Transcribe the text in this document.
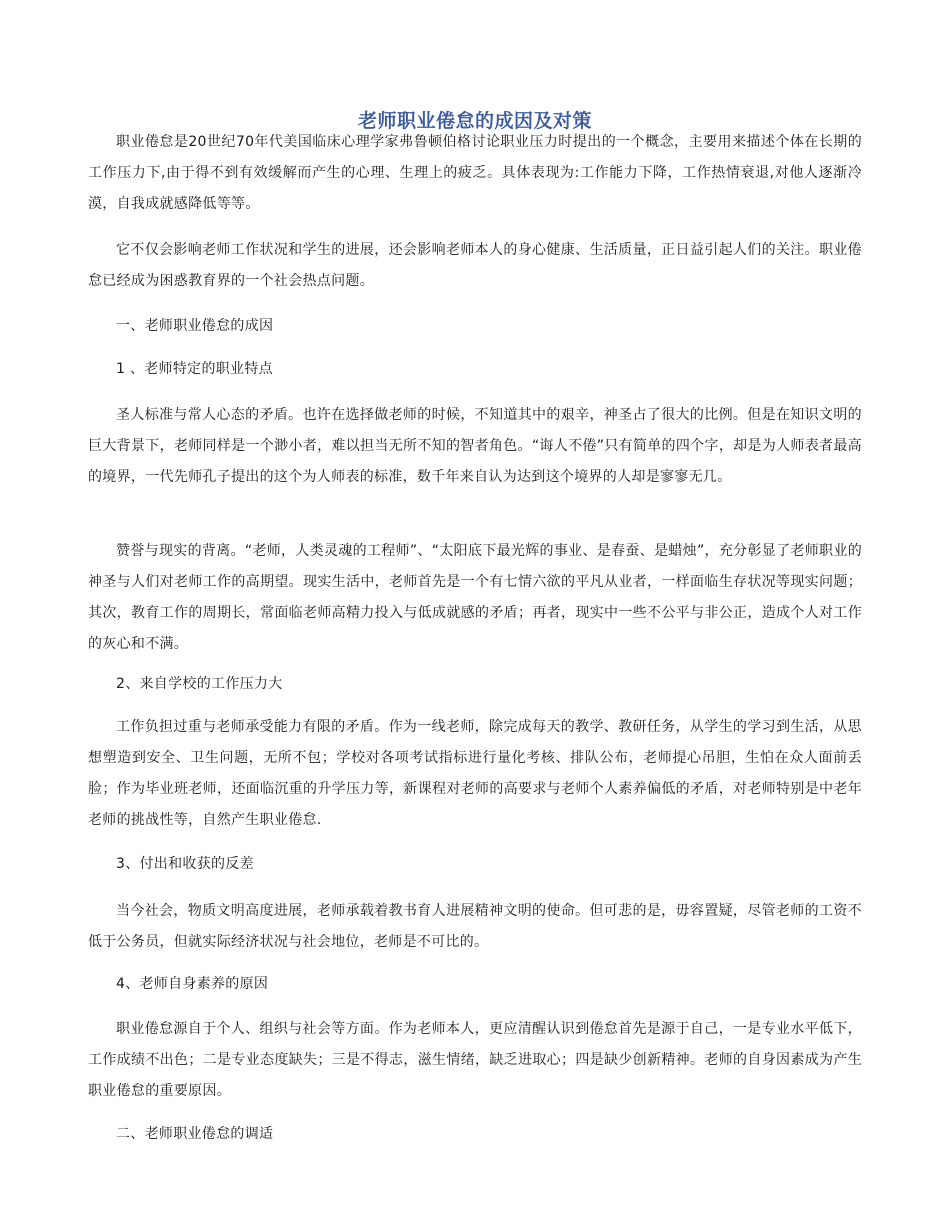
老师职业倦怠的成因及对策

职业倦怠是20世纪70年代美国临床心理学家弗鲁顿伯格讨论职业压力时提出的一个概念，主要用来描述个体在长期的工作压力下,由于得不到有效缓解而产生的心理、生理上的疲乏。具体表现为:工作能力下降，工作热情衰退,对他人逐渐冷漠，自我成就感降低等等。

它不仅会影响老师工作状况和学生的进展，还会影响老师本人的身心健康、生活质量，正日益引起人们的关注。职业倦怠已经成为困惑教育界的一个社会热点问题。

一、老师职业倦怠的成因

1 、老师特定的职业特点

圣人标准与常人心态的矛盾。也许在选择做老师的时候，不知道其中的艰辛，神圣占了很大的比例。但是在知识文明的巨大背景下，老师同样是一个渺小者，难以担当无所不知的智者角色。“诲人不倦”只有简单的四个字，却是为人师表者最高的境界，一代先师孔子提出的这个为人师表的标准，数千年来自认为达到这个境界的人却是寥寥无几。

赞誉与现实的背离。“老师，人类灵魂的工程师”、“太阳底下最光辉的事业、是春蚕、是蜡烛”，充分彰显了老师职业的神圣与人们对老师工作的高期望。现实生活中，老师首先是一个有七情六欲的平凡从业者，一样面临生存状况等现实问题；其次，教育工作的周期长，常面临老师高精力投入与低成就感的矛盾；再者，现实中一些不公平与非公正，造成个人对工作的灰心和不满。

2、来自学校的工作压力大

工作负担过重与老师承受能力有限的矛盾。作为一线老师，除完成每天的教学、教研任务，从学生的学习到生活，从思想塑造到安全、卫生问题，无所不包；学校对各项考试指标进行量化考核、排队公布，老师提心吊胆，生怕在众人面前丢脸；作为毕业班老师，还面临沉重的升学压力等，新课程对老师的高要求与老师个人素养偏低的矛盾，对老师特别是中老年老师的挑战性等，自然产生职业倦怠.

3、付出和收获的反差

当今社会，物质文明高度进展，老师承载着教书育人进展精神文明的使命。但可悲的是，毋容置疑，尽管老师的工资不低于公务员，但就实际经济状况与社会地位，老师是不可比的。

4、老师自身素养的原因

职业倦怠源自于个人、组织与社会等方面。作为老师本人，更应清醒认识到倦怠首先是源于自己，一是专业水平低下，工作成绩不出色；二是专业态度缺失；三是不得志，滋生情绪，缺乏进取心；四是缺少创新精神。老师的自身因素成为产生职业倦怠的重要原因。

二、老师职业倦怠的调适
